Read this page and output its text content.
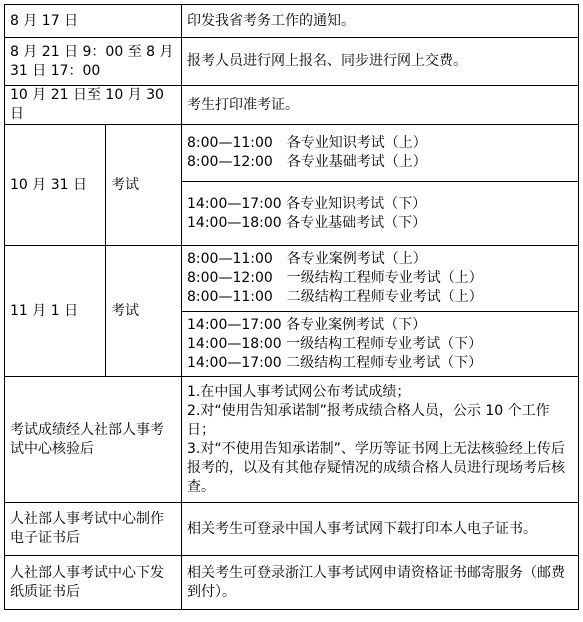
8 月 17 日		印发我省考务工作的通知。
8 月 21 日 9：00 至 8 月 31 日 17：00		报考人员进行网上报名、同步进行网上交费。
10 月 21 日至 10 月 30 日		考生打印准考证。
10 月 31 日	考试	8:00—11:00　各专业知识考试（上）
8:00—12:00　各专业基础考试（上）

		14:00—17:00 各专业知识考试（下）
14:00—18:00 各专业基础考试（下）

11 月 1 日	考试	8:00—11:00　各专业案例考试（上）
8:00—12:00　一级结构工程师专业考试（上）
8:00—11:00　二级结构工程师专业考试（上）

		14:00—17:00 各专业案例考试（下）
14:00—18:00 一级结构工程师专业考试（下）
14:00—17:00 二级结构工程师专业考试（下）

考试成绩经人社部人事考试中心核验后		1.在中国人事考试网公布考试成绩；
2.对“使用告知承诺制”报考成绩合格人员，公示 10 个工作日；
3.对“不使用告知承诺制”、学历等证书网上无法核验经上传后报考的，以及有其他存疑情况的成绩合格人员进行现场考后核查。

人社部人事考试中心制作电子证书后		相关考生可登录中国人事考试网下载打印本人电子证书。

人社部人事考试中心下发纸质证书后		相关考生可登录浙江人事考试网申请资格证书邮寄服务（邮费到付）。
